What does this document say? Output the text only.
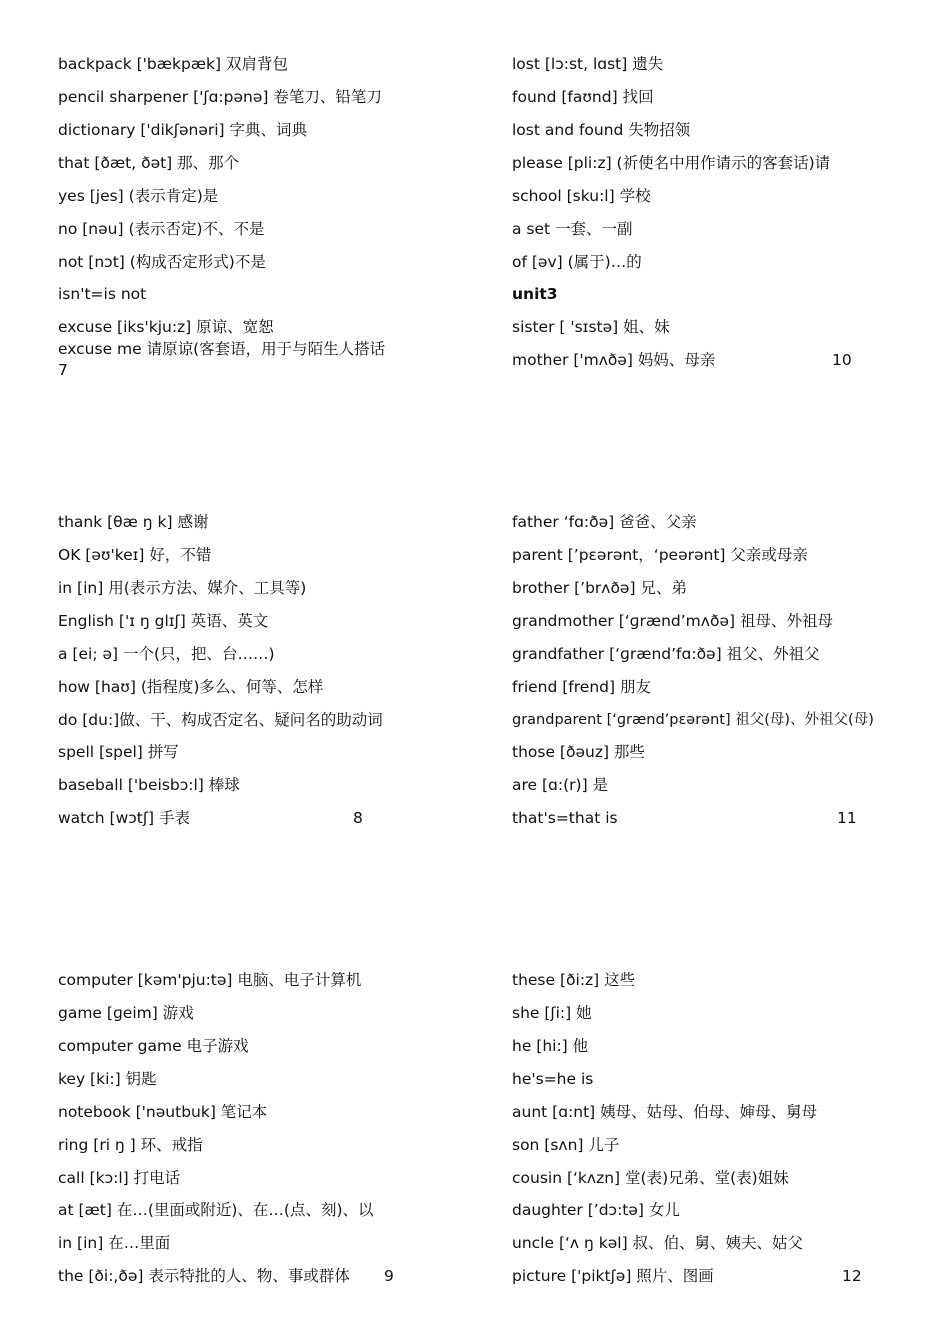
backpack ['bækpæk] 双肩背包
pencil sharpener ['ʃɑ:pənə] 卷笔刀、铅笔刀
dictionary ['dikʃənəri] 字典、词典
that [ðæt, ðət] 那、那个
yes [jes] (表示肯定)是
no [nəu] (表示否定)不、不是
not [nɔt] (构成否定形式)不是
isn't=is not
excuse [iks'kju:z] 原谅、宽恕
excuse me 请原谅(客套语，用于与陌生人搭话
7
lost [lɔ:st, lɑst] 遗失
found [faʊnd] 找回
lost and found 失物招领
please [pli:z] (祈使名中用作请示的客套话)请
school [sku:l] 学校
a set 一套、一副
of [əv] (属于)…的
unit3
sister [ 'sɪstə] 姐、妹
mother ['mʌðə] 妈妈、母亲	10
thank [θæ ŋ k] 感谢
OK [əʊ'keɪ] 好，不错
in [in] 用(表示方法、媒介、工具等)
English ['ɪ ŋ glɪʃ] 英语、英文
a [ei; ə] 一个(只，把、台……)
how [haʊ] (指程度)多么、何等、怎样
do [du:]做、干、构成否定名、疑问名的助动词
spell [spel] 拼写
baseball ['beisbɔ:l] 棒球
watch [wɔtʃ] 手表	8
father ‘fɑ:ðə] 爸爸、父亲
parent [’pɛərənt，‘peərənt] 父亲或母亲
brother [’brʌðə] 兄、弟
grandmother [‘ɡrænd’mʌðə] 祖母、外祖母
grandfather [‘ɡrænd’fɑ:ðə] 祖父、外祖父
friend [frend] 朋友
grandparent [‘ɡrænd’pɛərənt] 祖父(母)、外祖父(母)
those [ðəuz] 那些
are [ɑ:(r)] 是
that's=that is	11
computer [kəm'pju:tə] 电脑、电子计算机
game [ɡeim] 游戏
computer game 电子游戏
key [ki:] 钥匙
notebook ['nəutbuk] 笔记本
ring [ri ŋ ] 环、戒指
call [kɔ:l] 打电话
at [æt] 在…(里面或附近)、在…(点、刻)、以
in [in] 在…里面
the [ði:,ðə] 表示特批的人、物、事或群体 9
these [ði:z] 这些
she [ʃi:] 她
he [hi:] 他
he's=he is
aunt [ɑ:nt] 姨母、姑母、伯母、婶母、舅母
son [sʌn] 儿子
cousin [‘kʌzn] 堂(表)兄弟、堂(表)姐妹
daughter [’dɔ:tə] 女儿
uncle [‘ʌ ŋ kəl] 叔、伯、舅、姨夫、姑父
picture ['piktʃə] 照片、图画	12
